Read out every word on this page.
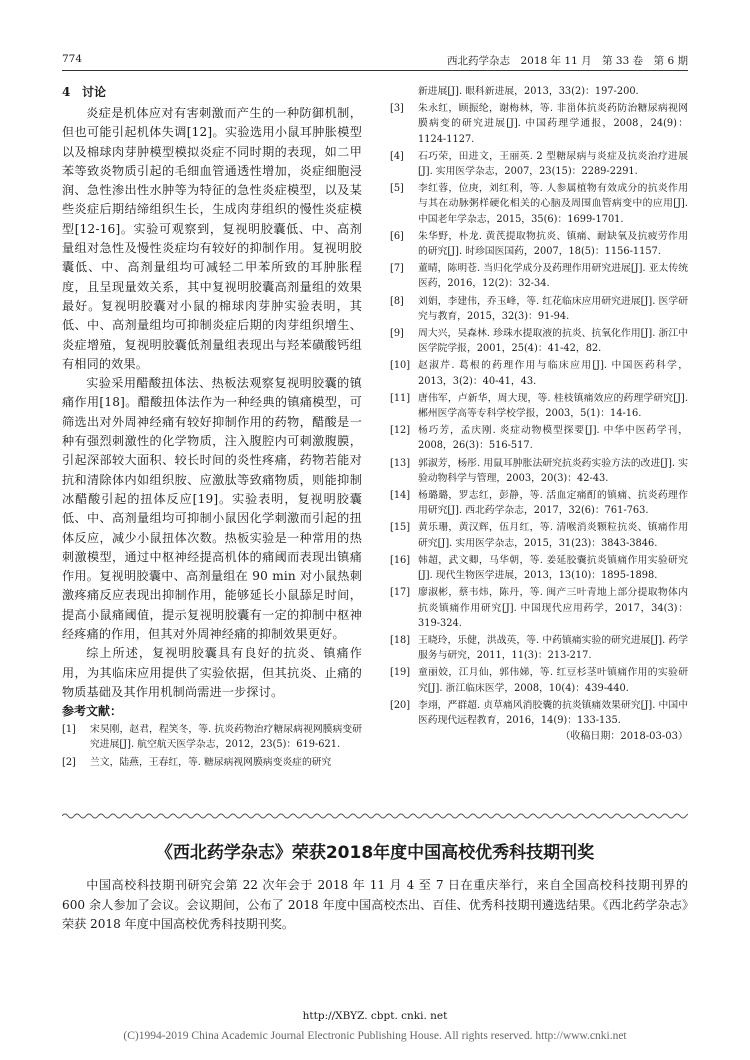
774	西北药学杂志　2018 年 11 月　第 33 卷　第 6 期
4 讨论

炎症是机体应对有害刺激而产生的一种防御机制，但也可能引起机体失调[12]。实验选用小鼠耳肿胀模型以及棉球肉芽肿模型模拟炎症不同时期的表现，如二甲苯等致炎物质引起的毛细血管通透性增加，炎症细胞浸润、急性渗出性水肿等为特征的急性炎症模型，以及某些炎症后期结缔组织生长，生成肉芽组织的慢性炎症模型[12-16]。实验可观察到，复视明胶囊低、中、高剂量组对急性及慢性炎症均有较好的抑制作用。复视明胶囊低、中、高剂量组均可减轻二甲苯所致的耳肿胀程度，且呈现量效关系，其中复视明胶囊高剂量组的效果最好。复视明胶囊对小鼠的棉球肉芽肿实验表明，其低、中、高剂量组均可抑制炎症后期的肉芽组织增生、炎症增殖，复视明胶囊低剂量组表现出与羟苯磺酸钙组有相同的效果。

实验采用醋酸扭体法、热板法观察复视明胶囊的镇痛作用[18]。醋酸扭体法作为一种经典的镇痛模型，可筛选出对外周神经痛有较好抑制作用的药物，醋酸是一种有强烈刺激性的化学物质，注入腹腔内可刺激腹膜，引起深部较大面积、较长时间的炎性疼痛，药物若能对抗和清除体内如组织胺、应激肽等致痛物质，则能抑制冰醋酸引起的扭体反应[19]。实验表明，复视明胶囊低、中、高剂量组均可抑制小鼠因化学刺激而引起的扭体反应，减少小鼠扭体次数。热板实验是一种常用的热刺激模型，通过中枢神经提高机体的痛阈而表现出镇痛作用。复视明胶囊中、高剂量组在 90 min 对小鼠热刺激疼痛反应表现出抑制作用，能够延长小鼠舔足时间，提高小鼠痛阈值，提示复视明胶囊有一定的抑制中枢神经疼痛的作用，但其对外周神经痛的抑制效果更好。

综上所述，复视明胶囊具有良好的抗炎、镇痛作用，为其临床应用提供了实验依据，但其抗炎、止痛的物质基础及其作用机制尚需进一步探讨。

参考文献：
[1] 宋昊刚，赵君，程笑冬，等. 抗炎药物治疗糖尿病视网膜病变研究进展[J]. 航空航天医学杂志，2012，23(5)：619-621.
[2] 兰文，陆燕，王春红，等. 糖尿病视网膜病变炎症的研究
新进展[J]. 眼科新进展，2013，33(2)：197-200.
[3] 朱永红，顾振纶，谢梅林，等. 非甾体抗炎药防治糖尿病视网膜病变的研究进展[J]. 中国药理学通报，2008，24(9)：1124-1127.
[4] 石巧荣，田进文，王丽英. 2 型糖尿病与炎症及抗炎治疗进展[J]. 实用医学杂志，2007，23(15)：2289-2291.
[5] 李红蓉，位庚，刘红利，等. 人参属植物有效成分的抗炎作用与其在动脉粥样硬化相关的心脑及周围血管病变中的应用[J]. 中国老年学杂志，2015，35(6)：1699-1701.
[6] 朱华野，朴龙. 黄芪提取物抗炎、镇痛、耐缺氧及抗疲劳作用的研究[J]. 时珍国医国药，2007，18(5)：1156-1157.
[7] 董晴，陈明苍. 当归化学成分及药理作用研究进展[J]. 亚太传统医药，2016，12(2)：32-34.
[8] 刘娟，李建伟，乔玉峰，等. 红花临床应用研究进展[J]. 医学研究与教育，2015，32(3)：91-94.
[9] 周大兴，吴森林. 珍珠水提取液的抗炎、抗氧化作用[J]. 浙江中医学院学报，2001，25(4)：41-42，82.
[10] 赵淑芹. 葛根的药理作用与临床应用[J]. 中国医药科学，2013，3(2)：40-41，43.
[11] 唐伟军，卢新华，周大现，等. 桂枝镇痛效应的药理学研究[J]. 郴州医学高等专科学校学报，2003，5(1)：14-16.
[12] 杨巧芳，孟庆刚. 炎症动物模型探要[J]. 中华中医药学刊，2008，26(3)：516-517.
[13] 郭淑芳，杨彤. 用鼠耳肿胀法研究抗炎药实验方法的改进[J]. 实验动物科学与管理，2003，20(3)：42-43.
[14] 杨璐璐，罗志红，彭静，等. 活血定痛酊的镇痛、抗炎药理作用研究[J]. 西北药学杂志，2017，32(6)：761-763.
[15] 黄乐珊，黄汉辉，伍月红，等. 清喉消炎颗粒抗炎、镇痛作用研究[J]. 实用医学杂志，2015，31(23)：3843-3846.
[16] 韩超，武文卿，马华朝，等. 姜延胶囊抗炎镇痛作用实验研究[J]. 现代生物医学进展，2013，13(10)：1895-1898.
[17] 廖淑彬，蔡韦炜，陈丹，等. 闽产三叶青地上部分提取物体内抗炎镇痛作用研究[J]. 中国现代应用药学，2017，34(3)：319-324.
[18] 王晓玲，乐健，洪战英，等. 中药镇痛实验的研究进展[J]. 药学服务与研究，2011，11(3)：213-217.
[19] 童丽姣，江月仙，郭伟娣，等. 红豆杉茎叶镇痛作用的实验研究[J]. 浙江临床医学，2008，10(4)：439-440.
[20] 李翊，严群超. 贞草痛风消胶囊的抗炎镇痛效果研究[J]. 中国中医药现代远程教育，2016，14(9)：133-135.
（收稿日期：2018-03-03）
《西北药学杂志》荣获2018年度中国高校优秀科技期刊奖

中国高校科技期刊研究会第 22 次年会于 2018 年 11 月 4 至 7 日在重庆举行，来自全国高校科技期刊界的 600 余人参加了会议。会议期间，公布了 2018 年度中国高校杰出、百佳、优秀科技期刊遴选结果。《西北药学杂志》荣获 2018 年度中国高校优秀科技期刊奖。

http://XBYZ. cbpt. cnki. net
(C)1994-2019 China Academic Journal Electronic Publishing House. All rights reserved. http://www.cnki.net
